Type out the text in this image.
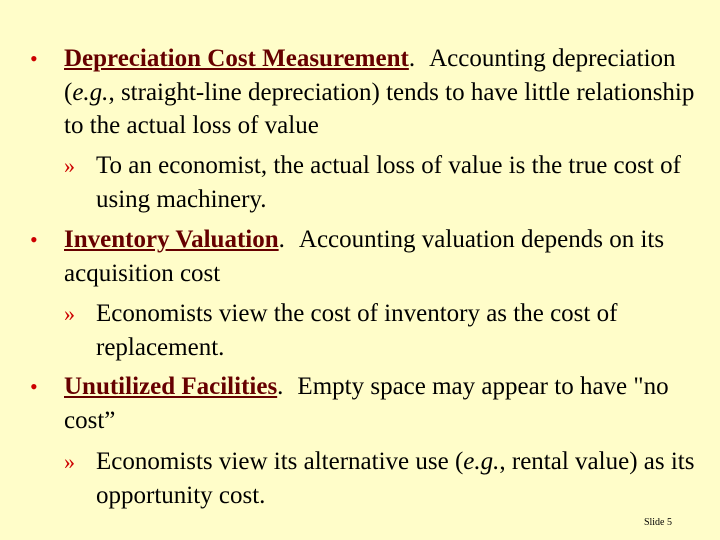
• Depreciation Cost Measurement. Accounting depreciation (e.g., straight-line depreciation) tends to have little relationship to the actual loss of value

» To an economist, the actual loss of value is the true cost of using machinery.

• Inventory Valuation. Accounting valuation depends on its acquisition cost

» Economists view the cost of inventory as the cost of replacement.

• Unutilized Facilities. Empty space may appear to have "no cost”

» Economists view its alternative use (e.g., rental value) as its opportunity cost.

Slide 5
